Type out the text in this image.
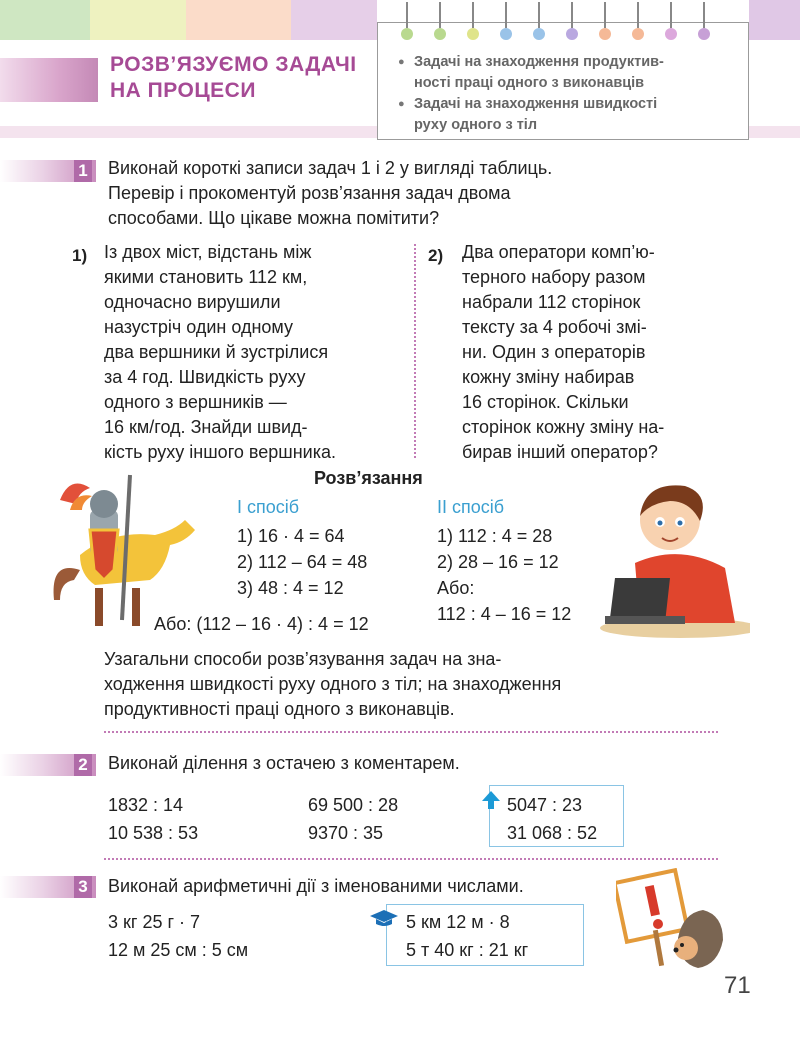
РОЗВ’ЯЗУЄМО ЗАДАЧІ
НА ПРОЦЕСИ
● Задачі на знаходження продуктив-
ності праці одного з виконавців
● Задачі на знаходження швидкості
руху одного з тіл
1 Виконай короткі записи задач 1 і 2 у вигляді таблиць.
Перевір і прокоментуй розв’язання задач двома
способами. Що цікаве можна помітити?
1) Із двох міст, відстань між
якими становить 112 км,
одночасно вирушили
назустріч один одному
два вершники й зустрілися
за 4 год. Швидкість руху
одного з вершників —
16 км/год. Знайди швид-
кість руху іншого вершника.
2) Два оператори комп’ю-
терного набору разом
набрали 112 сторінок
тексту за 4 робочі змі-
ни. Один з операторів
кожну зміну набирав
16 сторінок. Скільки
сторінок кожну зміну на-
бирав інший оператор?
Розв’язання
І спосіб
1) 16 · 4 = 64
2) 112 – 64 = 48
3) 48 : 4 = 12
Або: (112 – 16 · 4) : 4 = 12
ІІ спосіб
1) 112 : 4 = 28
2) 28 – 16 = 12
Або:
112 : 4 – 16 = 12
Узагальни способи розв’язування задач на зна-
ходження швидкості руху одного з тіл; на знаходження
продуктивності праці одного з виконавців.
2 Виконай ділення з остачею з коментарем.
1832 : 14
10 538 : 53
69 500 : 28
9370 : 35
5047 : 23
31 068 : 52
3 Виконай арифметичні дії з іменованими числами.
3 кг 25 г · 7
12 м 25 см : 5 см
5 км 12 м · 8
5 т 40 кг : 21 кг
71
